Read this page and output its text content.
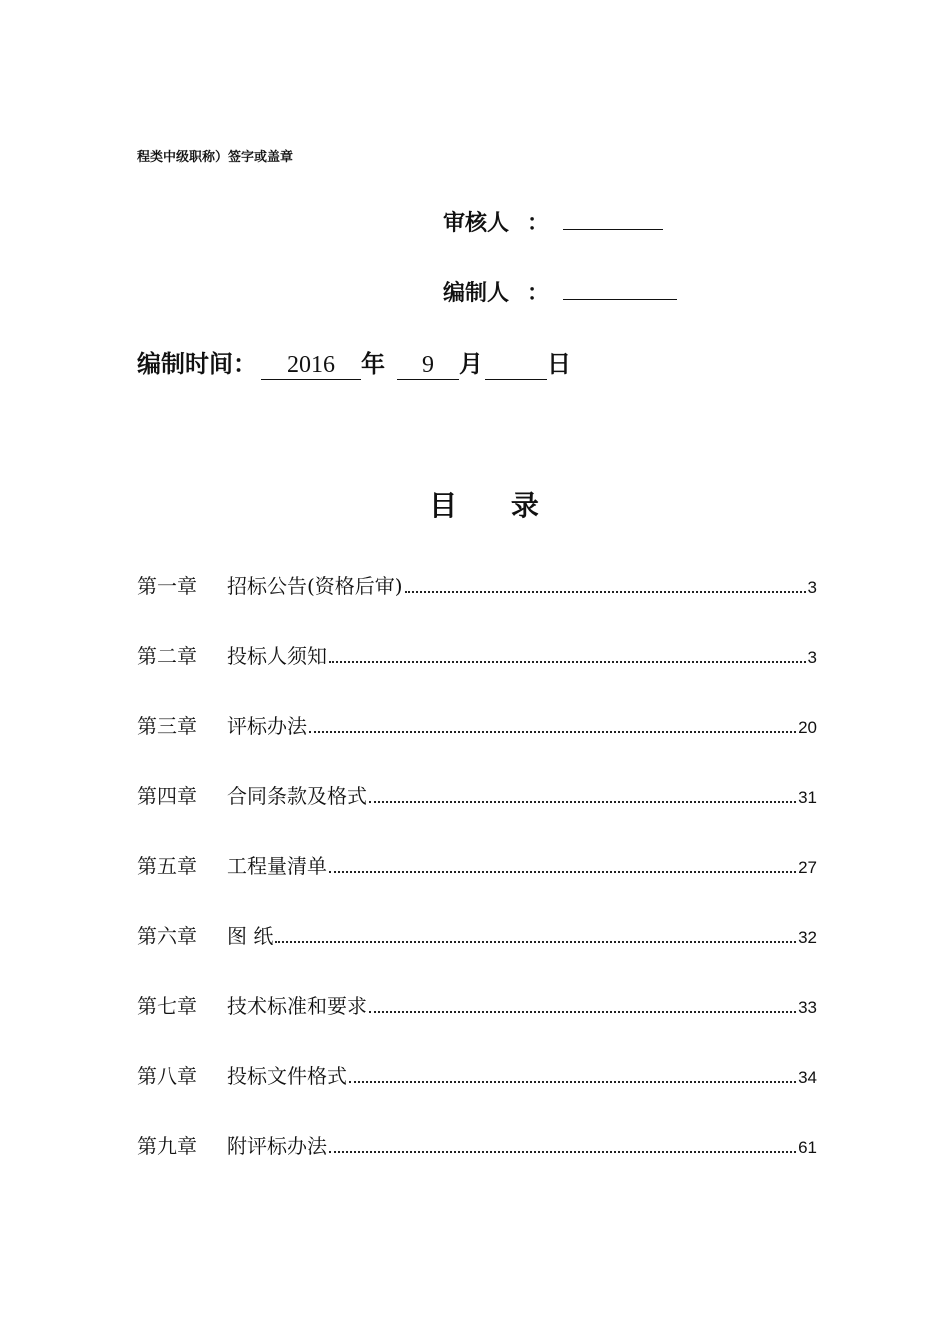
程类中级职称）签字或盖章
审核人 ：
编制人 ：
编制时间：	2016	年	9	月
	日
目 录
第一章	招标公告(资格后审)	3
第二章	投标人须知	3
第三章	评标办法	20
第四章	合同条款及格式	31
第五章	工程量清单	27
第六章	图 纸	32
第七章	技术标准和要求	33
第八章	投标文件格式	34
第九章	附评标办法	61
